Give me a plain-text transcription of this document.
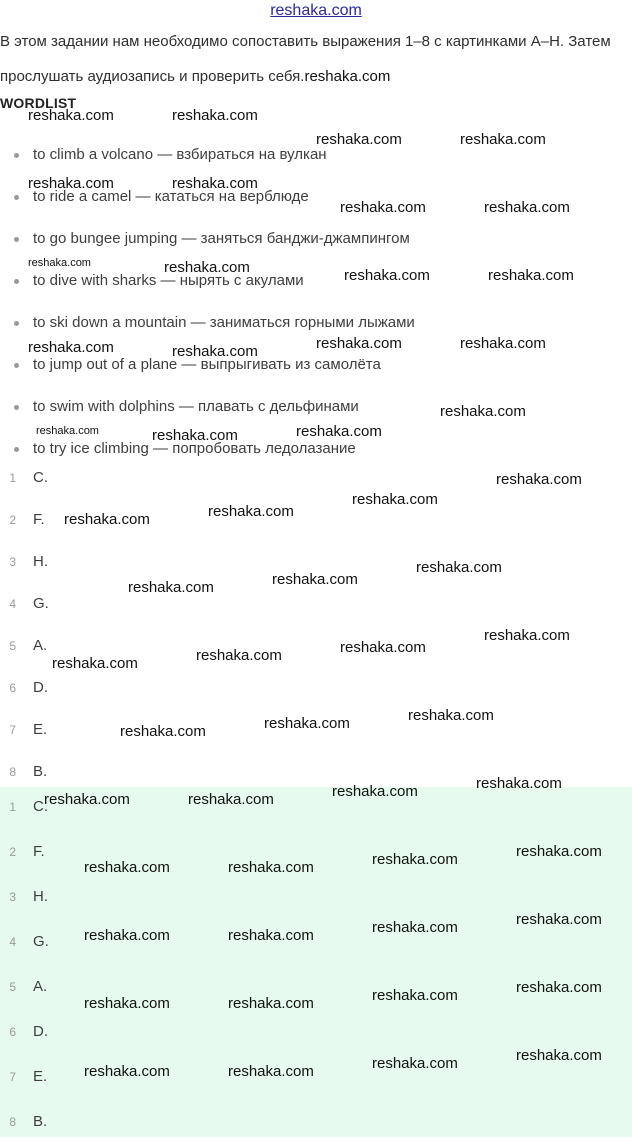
reshaka.com
В этом задании нам необходимо сопоставить выражения 1–8 с картинками A–H. Затем прослушать аудиозапись и проверить себя.reshaka.com
WORDLIST
to climb a volcano — взбираться на вулкан
to ride a camel — кататься на верблюде
to go bungee jumping — заняться банджи-джампингом
to dive with sharks — нырять с акулами
to ski down a mountain — заниматься горными лыжами
to jump out of a plane — выпрыгивать из самолёта
to swim with dolphins — плавать с дельфинами
to try ice climbing — попробовать ледолазание
1 C.
2 F.
3 H.
4 G.
5 A.
6 D.
7 E.
8 B.
1 C.
2 F.
3 H.
4 G.
5 A.
6 D.
7 E.
8 B.
reshaka.com	reshaka.com
reshaka.com	reshaka.com
reshaka.com	reshaka.com
reshaka.com	reshaka.com
reshaka.com	reshaka.com	reshaka.com	reshaka.com
reshaka.com	reshaka.com	reshaka.com	reshaka.com
reshaka.com
reshaka.com	reshaka.com	reshaka.com
reshaka.com
reshaka.com
reshaka.com
reshaka.com
reshaka.com
reshaka.com
reshaka.com
reshaka.com
reshaka.com
reshaka.com
reshaka.com
reshaka.com
reshaka.com
reshaka.com
reshaka.com
reshaka.com
reshaka.com
reshaka.com
reshaka.com
reshaka.com
reshaka.com
reshaka.com
reshaka.com
reshaka.com
reshaka.com
reshaka.com
reshaka.com
reshaka.com
reshaka.com
reshaka.com
reshaka.com
reshaka.com
reshaka.com
reshaka.com
